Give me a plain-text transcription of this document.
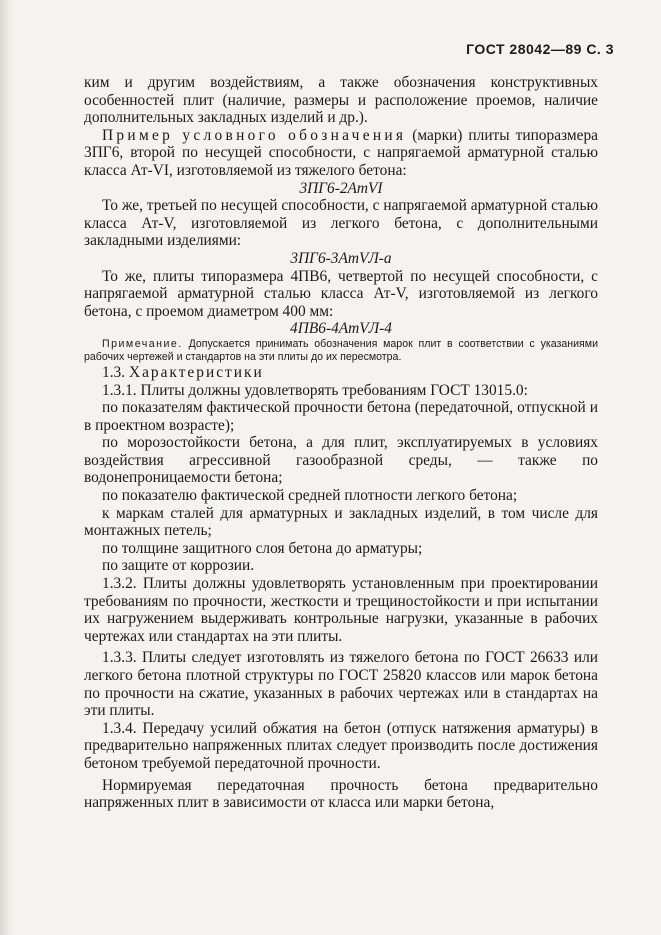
ГОСТ 28042—89 С. 3

ким и другим воздействиям, а также обозначения конструктивных особенностей плит (наличие, размеры и расположение проемов, наличие дополнительных закладных изделий и др.).

Пример условного обозначения (марки) плиты типоразмера 3ПГ6, второй по несущей способности, с напрягаемой арматурной сталью класса Ат-VI, изготовляемой из тяжелого бетона:

3ПГ6-2АтVI

То же, третьей по несущей способности, с напрягаемой арматурной сталью класса Ат-V, изготовляемой из легкого бетона, с дополнительными закладными изделиями:

3ПГ6-3АтVЛ-а

То же, плиты типоразмера 4ПВ6, четвертой по несущей способности, с напрягаемой арматурной сталью класса Ат-V, изготовляемой из легкого бетона, с проемом диаметром 400 мм:

4ПВ6-4АтVЛ-4

Примечание. Допускается принимать обозначения марок плит в соответствии с указаниями рабочих чертежей и стандартов на эти плиты до их пересмотра.

1.3. Характеристики

1.3.1. Плиты должны удовлетворять требованиям ГОСТ 13015.0:

по показателям фактической прочности бетона (передаточной, отпускной и в проектном возрасте);

по морозостойкости бетона, а для плит, эксплуатируемых в условиях воздействия агрессивной газообразной среды, — также по водонепроницаемости бетона;

по показателю фактической средней плотности легкого бетона;

к маркам сталей для арматурных и закладных изделий, в том числе для монтажных петель;

по толщине защитного слоя бетона до арматуры;

по защите от коррозии.

1.3.2. Плиты должны удовлетворять установленным при проектировании требованиям по прочности, жесткости и трещиностойкости и при испытании их нагружением выдерживать контрольные нагрузки, указанные в рабочих чертежах или стандартах на эти плиты.

1.3.3. Плиты следует изготовлять из тяжелого бетона по ГОСТ 26633 или легкого бетона плотной структуры по ГОСТ 25820 классов или марок бетона по прочности на сжатие, указанных в рабочих чертежах или в стандартах на эти плиты.

1.3.4. Передачу усилий обжатия на бетон (отпуск натяжения арматуры) в предварительно напряженных плитах следует производить после достижения бетоном требуемой передаточной прочности.

Нормируемая передаточная прочность бетона предварительно напряженных плит в зависимости от класса или марки бетона,
